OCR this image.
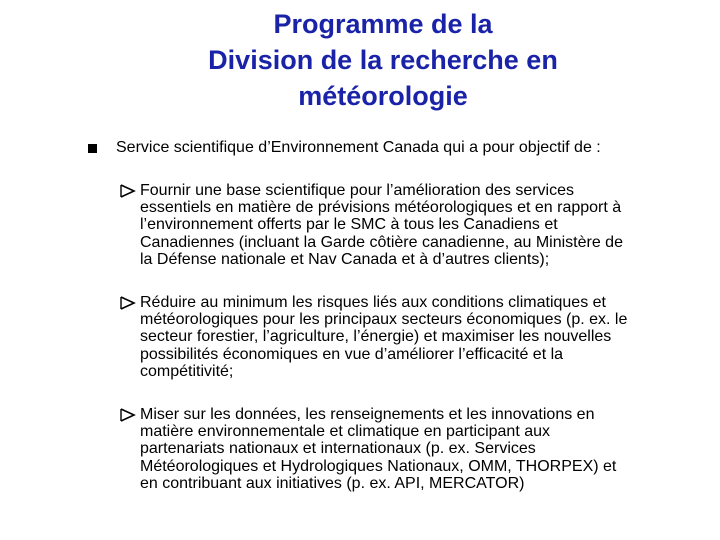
Programme de la
Division de la recherche en
météorologie
Service scientifique d’Environnement Canada qui a pour objectif de :
Fournir une base scientifique pour l’amélioration des services
essentiels en matière de prévisions météorologiques et en rapport à
l’environnement offerts par le SMC à tous les Canadiens et
Canadiennes (incluant la Garde côtière canadienne, au Ministère de
la Défense nationale et Nav Canada et à d’autres clients);
Réduire au minimum les risques liés aux conditions climatiques et
météorologiques pour les principaux secteurs économiques (p. ex. le
secteur forestier, l’agriculture, l’énergie) et maximiser les nouvelles
possibilités économiques en vue d’améliorer l’efficacité et la
compétitivité;
Miser sur les données, les renseignements et les innovations en
matière environnementale et climatique en participant aux
partenariats nationaux et internationaux (p. ex. Services
Météorologiques et Hydrologiques Nationaux, OMM, THORPEX) et
en contribuant aux initiatives (p. ex. API, MERCATOR)
